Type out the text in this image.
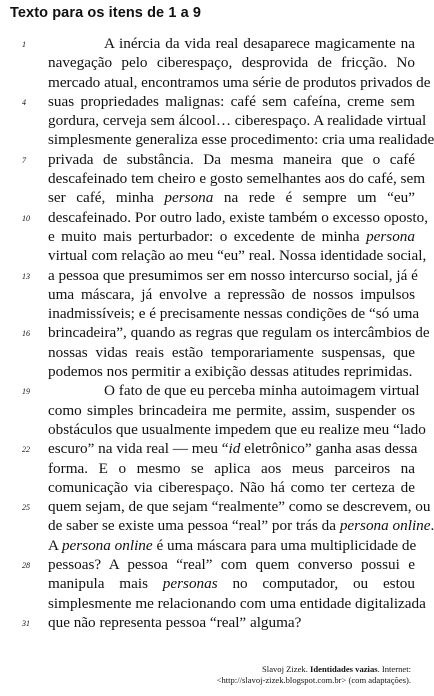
Texto para os itens de 1 a 9
1	A inércia da vida real desaparece magicamente na
navegação pelo ciberespaço, desprovida de fricção. No
mercado atual, encontramos uma série de produtos privados de
4	suas propriedades malignas: café sem cafeína, creme sem
gordura, cerveja sem álcool… ciberespaço. A realidade virtual
simplesmente generaliza esse procedimento: cria uma realidade
7	privada de substância. Da mesma maneira que o café
descafeinado tem cheiro e gosto semelhantes aos do café, sem
ser café, minha persona na rede é sempre um “eu”
10	descafeinado. Por outro lado, existe também o excesso oposto,
e muito mais perturbador: o excedente de minha persona
virtual com relação ao meu “eu” real. Nossa identidade social,
13	a pessoa que presumimos ser em nosso intercurso social, já é
uma máscara, já envolve a repressão de nossos impulsos
inadmissíveis; e é precisamente nessas condições de “só uma
16	brincadeira”, quando as regras que regulam os intercâmbios de
nossas vidas reais estão temporariamente suspensas, que
podemos nos permitir a exibição dessas atitudes reprimidas.
19	O fato de que eu perceba minha autoimagem virtual
como simples brincadeira me permite, assim, suspender os
obstáculos que usualmente impedem que eu realize meu “lado
22	escuro” na vida real — meu “id eletrônico” ganha asas dessa
forma. E o mesmo se aplica aos meus parceiros na
comunicação via ciberespaço. Não há como ter certeza de
25	quem sejam, de que sejam “realmente” como se descrevem, ou
de saber se existe uma pessoa “real” por trás da persona online.
A persona online é uma máscara para uma multiplicidade de
28	pessoas? A pessoa “real” com quem converso possui e
manipula mais personas no computador, ou estou
simplesmente me relacionando com uma entidade digitalizada
31	que não representa pessoa “real” alguma?
Slavoj Zizek. Identidades vazias. Internet:
<http://slavoj-zizek.blogspot.com.br> (com adaptações).
